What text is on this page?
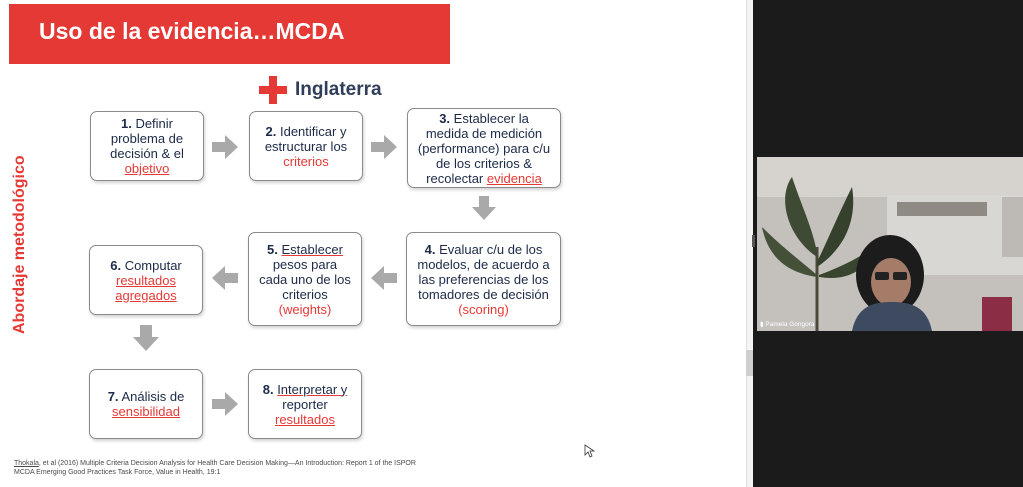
Uso de la evidencia…MCDA
Inglaterra
Abordaje metodológico
1. Definir
problema de
decisión & el
objetivo
2. Identificar y
estructurar los
criterios
3. Establecer la
medida de medición
(performance) para c/u
de los criterios &
recolectar evidencia
4. Evaluar c/u de los
modelos, de acuerdo a
las preferencias de los
tomadores de decisión
(scoring)
5. Establecer
pesos para
cada uno de los
criterios
(weights)
6. Computar
resultados
agregados
7. Análisis de
sensibilidad
8. Interpretar y
reporter
resultados
Thokala, et al (2016) Multiple Criteria Decision Analysis for Health Care Decision Making—An Introduction: Report 1 of the ISPOR
MCDA Emerging Good Practices Task Force, Value in Health, 19:1
▮ Pamela Gongora
